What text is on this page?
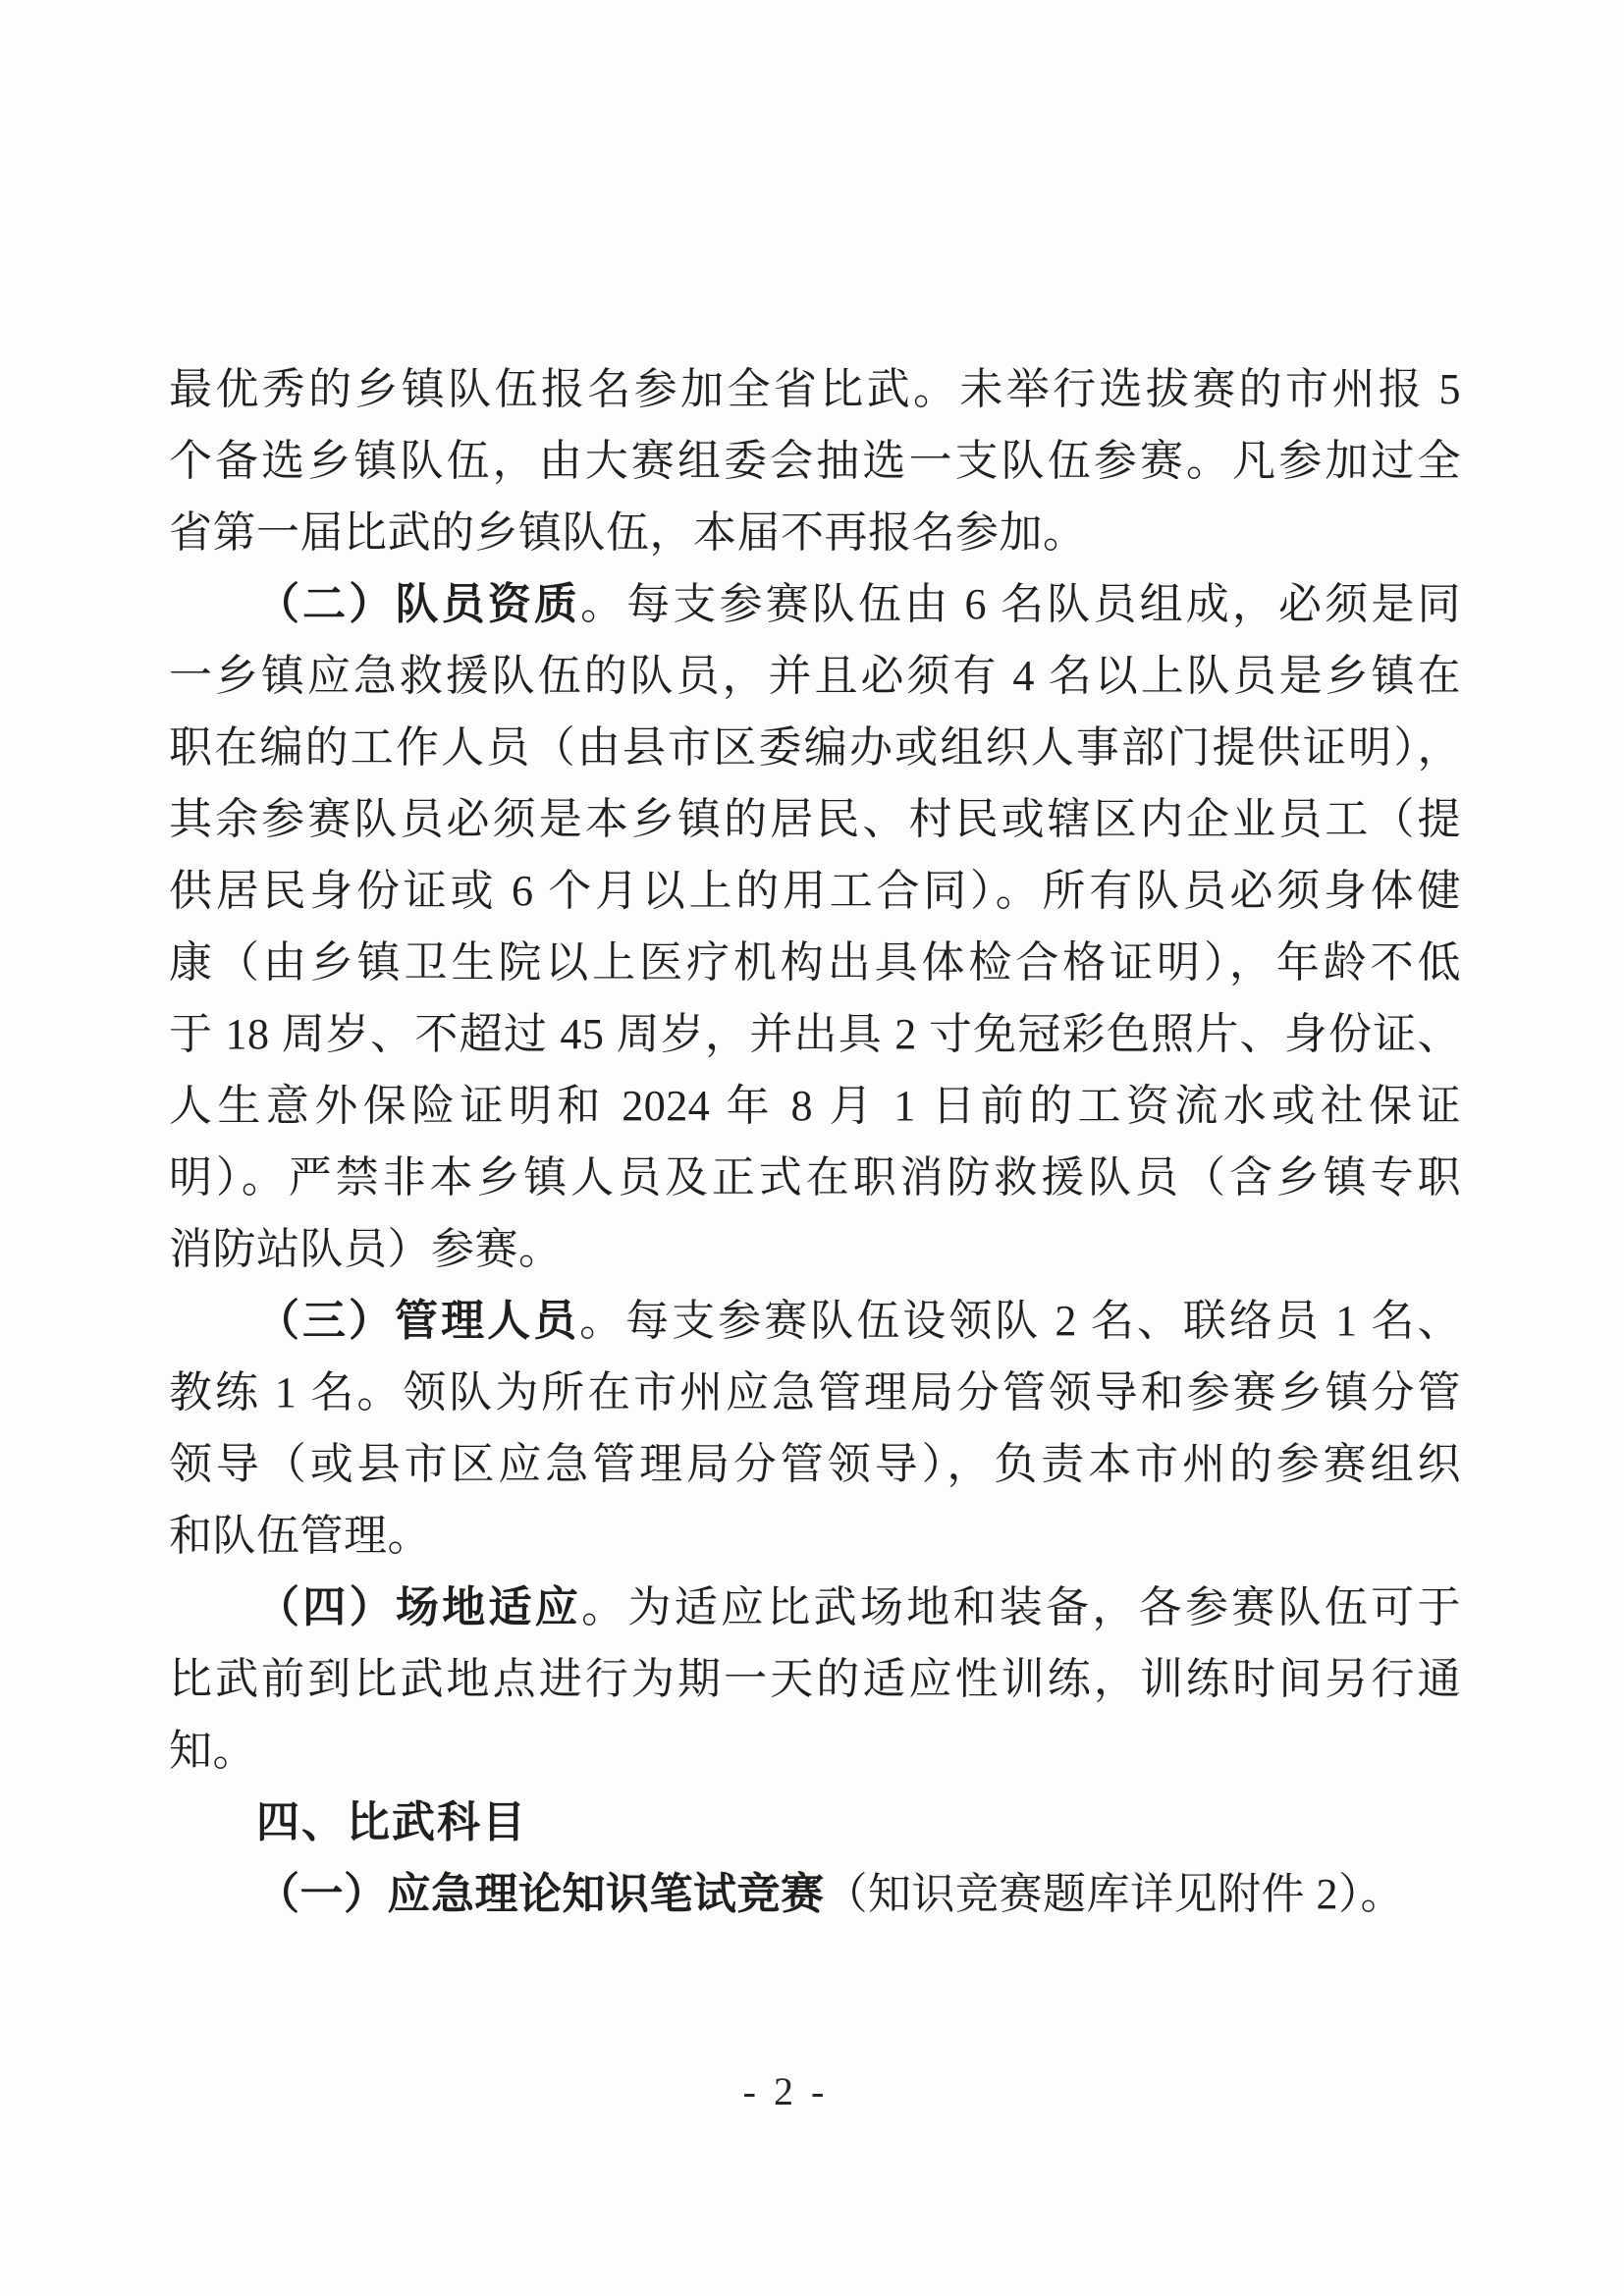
最优秀的乡镇队伍报名参加全省比武。未举行选拔赛的市州报 5
个备选乡镇队伍，由大赛组委会抽选一支队伍参赛。凡参加过全
省第一届比武的乡镇队伍，本届不再报名参加。
（二）队员资质。每支参赛队伍由 6 名队员组成，必须是同
一乡镇应急救援队伍的队员，并且必须有 4 名以上队员是乡镇在
职在编的工作人员（由县市区委编办或组织人事部门提供证明），
其余参赛队员必须是本乡镇的居民、村民或辖区内企业员工（提
供居民身份证或 6 个月以上的用工合同）。所有队员必须身体健
康（由乡镇卫生院以上医疗机构出具体检合格证明），年龄不低
于 18 周岁、不超过 45 周岁，并出具 2 寸免冠彩色照片、身份证、
人生意外保险证明和 2024 年 8 月 1 日前的工资流水或社保证
明）。严禁非本乡镇人员及正式在职消防救援队员（含乡镇专职
消防站队员）参赛。
（三）管理人员。每支参赛队伍设领队 2 名、联络员 1 名、
教练 1 名。领队为所在市州应急管理局分管领导和参赛乡镇分管
领导（或县市区应急管理局分管领导），负责本市州的参赛组织
和队伍管理。
（四）场地适应。为适应比武场地和装备，各参赛队伍可于
比武前到比武地点进行为期一天的适应性训练，训练时间另行通
知。
四、比武科目
（一）应急理论知识笔试竞赛（知识竞赛题库详见附件 2）。
- 2 -
